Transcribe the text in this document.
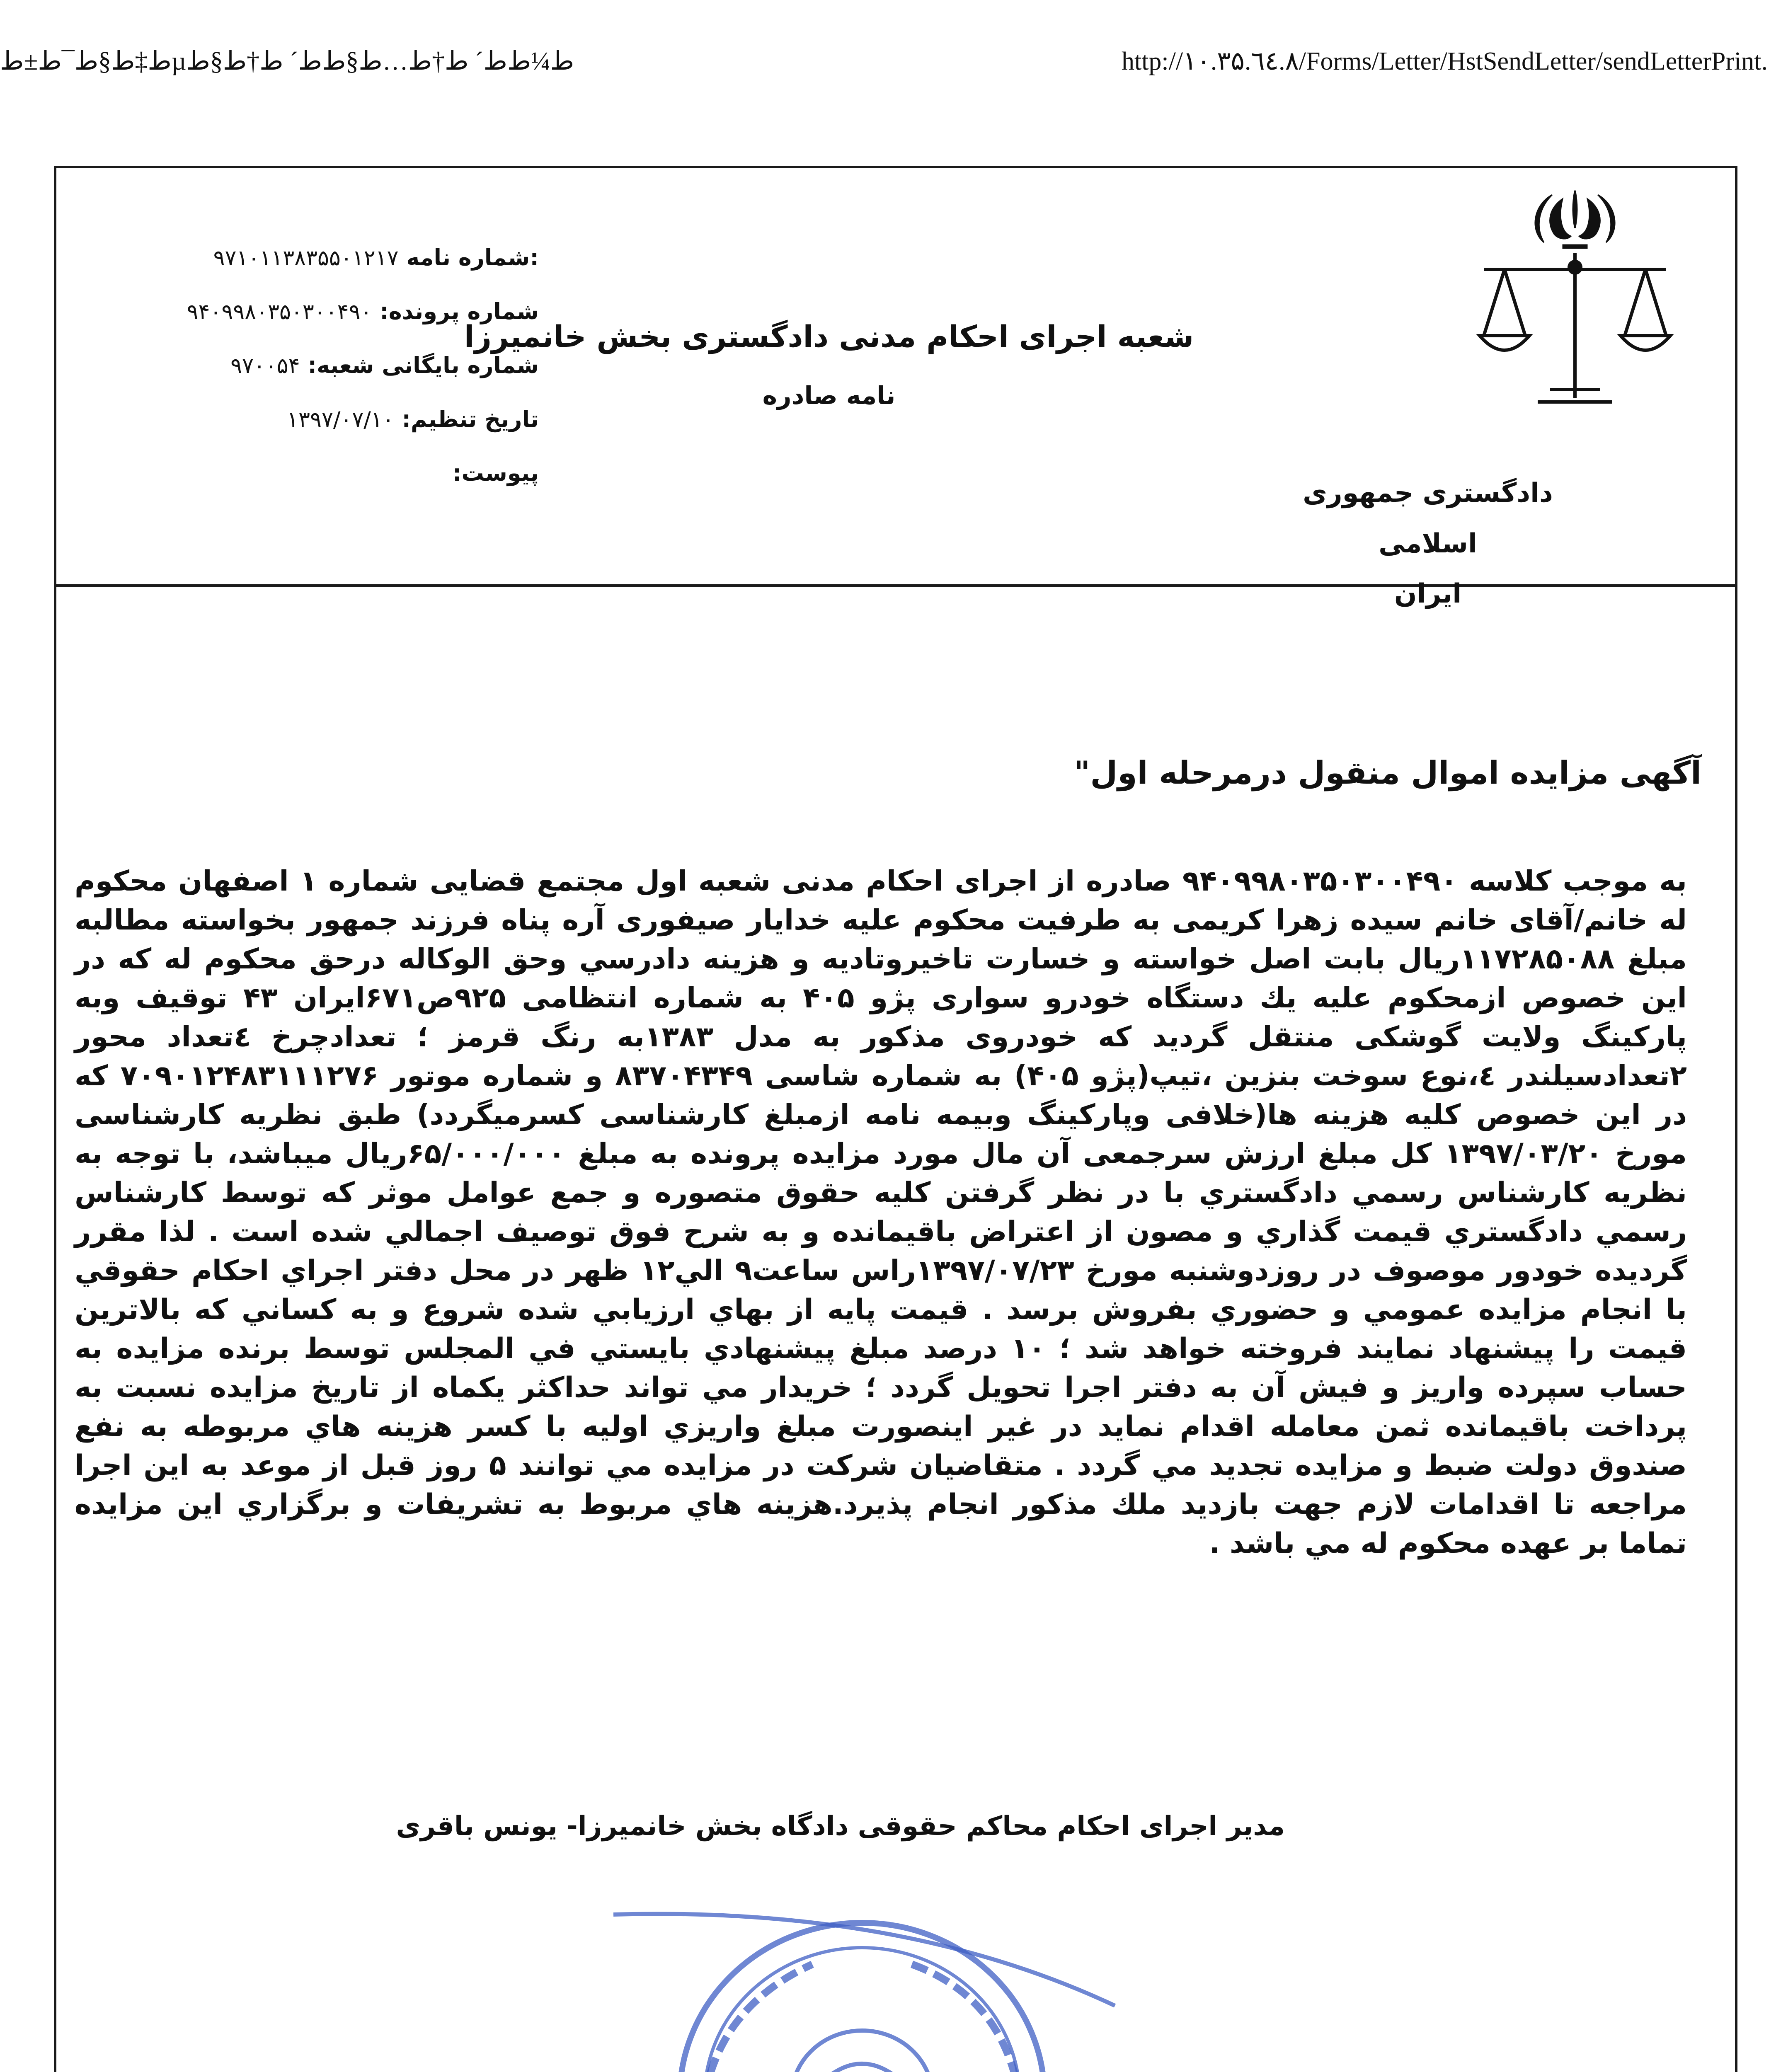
ﻁ‡ﻁ§ﻁ¯ﻁ±ﻁµﻁ¼ﻁﻁ´ ﻁ†ﻁ…ﻁ§ﻁﻁ´ ﻁ†ﻁ§ﻁ	http://۱۰.۳۵.٦٤.۸/Forms/Letter/HstSendLetter/sendLetterPrint.
دادگستری جمهوری اسلامی
ایران
شعبه اجرای احکام مدنی دادگستری بخش خانمیرزا
نامه صادره
:شماره نامه ۹۷۱۰۱۱۳۸۳۵۵۰۱۲۱۷
شماره پرونده: ۹۴۰۹۹۸۰۳۵۰۳۰۰۴۹۰
شماره بایگانی شعبه: ۹۷۰۰۵۴
تاریخ تنظیم: ۱۳۹۷/۰۷/۱۰
پیوست:
آگهی مزایده اموال منقول درمرحله اول"
به موجب کلاسه ۹۴۰۹۹۸۰۳۵۰۳۰۰۴۹۰ صادره از اجرای احکام مدنی شعبه اول مجتمع قضایی شماره ۱ اصفهان محکوم له خانم/آقای خانم سیده زهرا کریمی به طرفیت محکوم علیه خدایار صیفوری آره پناه فرزند جمهور بخواسته مطالبه مبلغ ۱۱۷۲۸۵۰۸۸ریال بابت اصل خواسته و خسارت تاخیروتادیه و هزینه دادرسي وحق الوكاله درحق محکوم له که در این خصوص ازمحکوم علیه یك دستگاه خودرو سواری پژو ۴۰۵ به شماره انتظامی ۹۲۵ص۶۷۱ایران ۴۳ توقیف وبه پارکینگ ولایت گوشکی منتقل گردید که خودروی مذکور به مدل ۱۳۸۳به رنگ قرمز ؛ تعدادچرخ ٤تعداد محور ۲تعدادسیلندر ٤،نوع سوخت بنزین ،تیپ(پژو ۴۰۵) به شماره شاسی ۸۳۷۰۴۳۴۹ و شماره موتور ۷۰۹۰۱۲۴۸۳۱۱۱۲۷۶ که در این خصوص کلیه هزینه ها(خلافی وپارکینگ وبیمه نامه ازمبلغ کارشناسی کسرمیگردد) طبق نظریه کارشناسی مورخ ۱۳۹۷/۰۳/۲۰ کل مبلغ ارزش سرجمعی آن مال مورد مزایده پرونده به مبلغ ۶۵/۰۰۰/۰۰۰ریال میباشد، با توجه به نظريه كارشناس رسمي دادگستري با در نظر گرفتن كليه حقوق متصوره و جمع عوامل موثر كه توسط كارشناس رسمي دادگستري قيمت گذاري و مصون از اعتراض باقيمانده و به شرح فوق توصيف اجمالي شده است . لذا مقرر گرديده خودور موصوف در روزدوشنبه مورخ ۱۳۹۷/۰۷/۲۳راس ساعت۹ الي۱۲ ظهر در محل دفتر اجراي احكام حقوقي با انجام مزايده عمومي و حضوري بفروش برسد . قيمت پايه از بهاي ارزيابي شده شروع و به كساني كه بالاترين قيمت را پيشنهاد نمايند فروخته خواهد شد ؛ ۱۰ درصد مبلغ پيشنهادي بايستي في المجلس توسط برنده مزايده به حساب سپرده واريز و فيش آن به دفتر اجرا تحويل گردد ؛ خريدار مي تواند حداكثر يكماه از تاريخ مزايده نسبت به پرداخت باقيمانده ثمن معامله اقدام نمايد در غير اينصورت مبلغ واريزي اوليه با كسر هزينه هاي مربوطه به نفع صندوق دولت ضبط و مزايده تجديد مي گردد . متقاضيان شركت در مزايده مي توانند ۵ روز قبل از موعد به اين اجرا مراجعه تا اقدامات لازم جهت بازديد ملك مذكور انجام پذيرد.هزينه هاي مربوط به تشريفات و برگزاري اين مزايده تماما بر عهده محكوم له مي باشد .
مدیر اجرای احکام محاکم حقوقی دادگاه بخش خانمیرزا- یونس باقری
